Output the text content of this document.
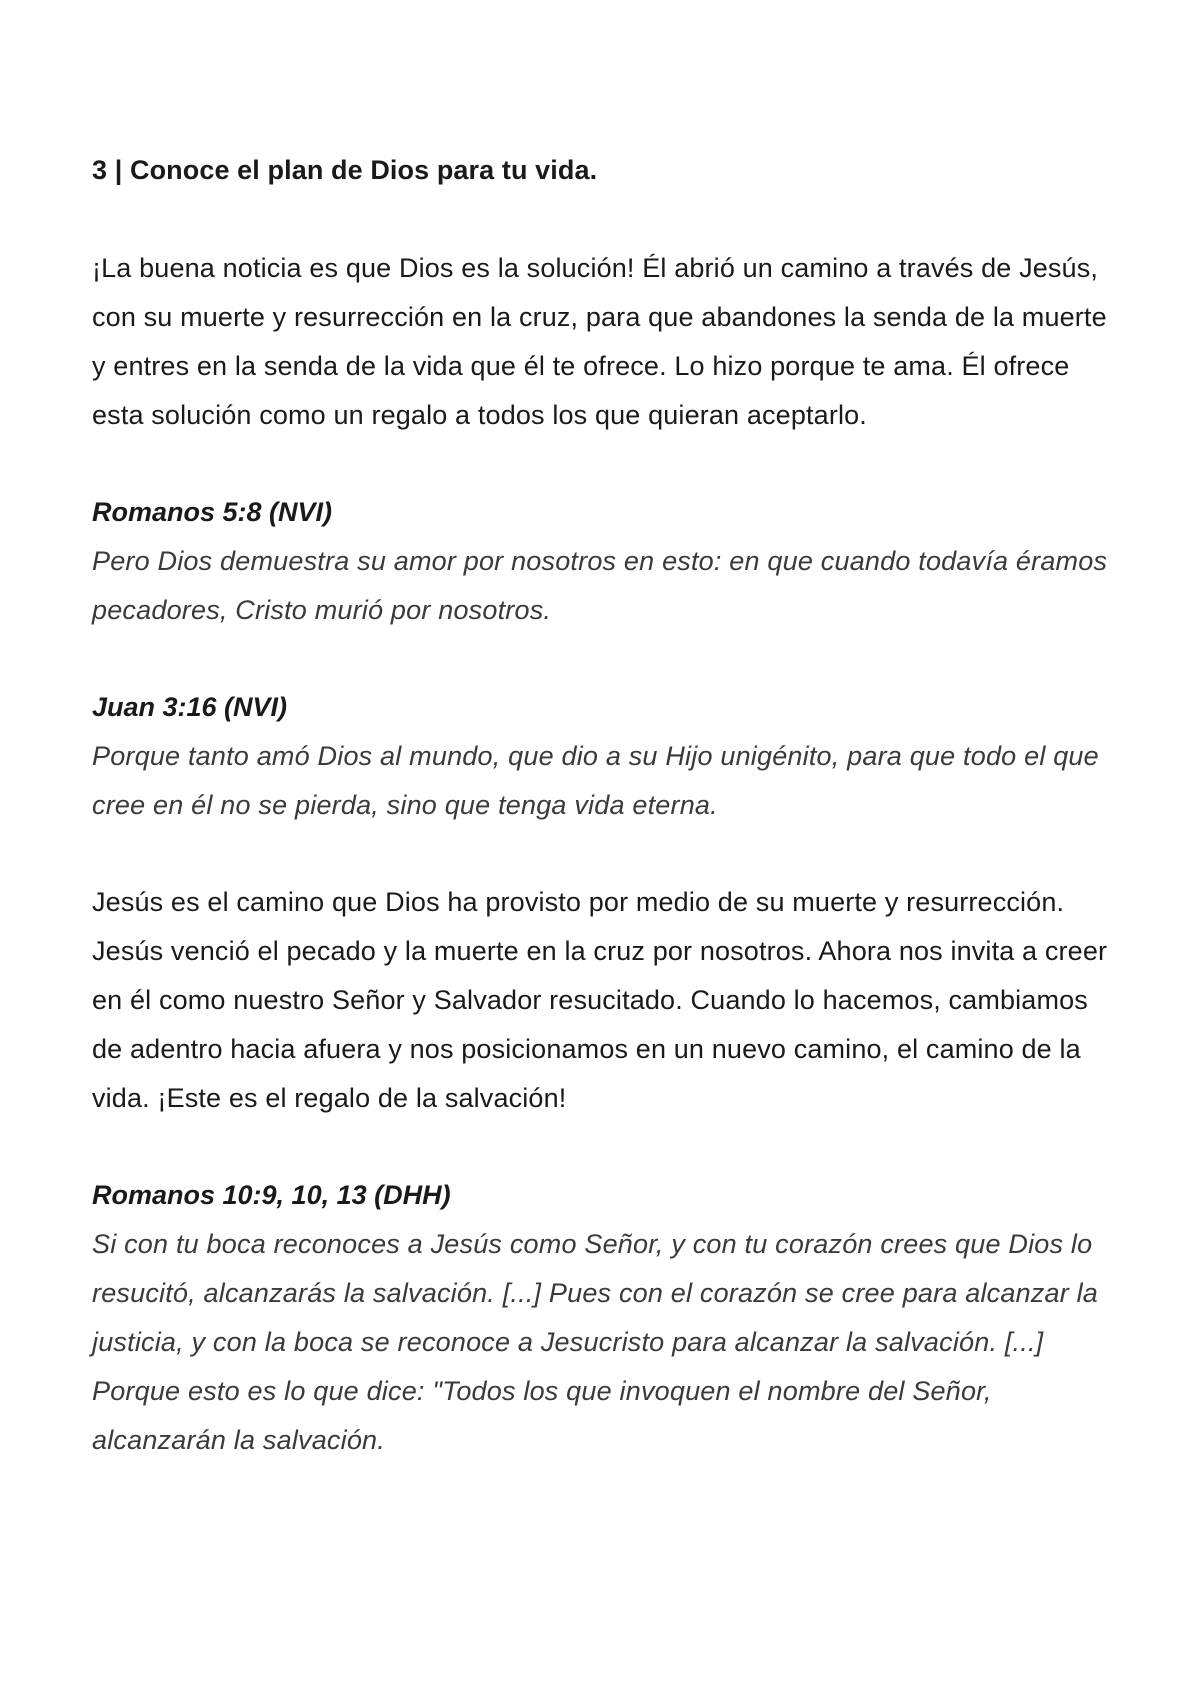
3 | Conoce el plan de Dios para tu vida.

¡La buena noticia es que Dios es la solución! Él abrió un camino a través de Jesús, con su muerte y resurrección en la cruz, para que abandones la senda de la muerte y entres en la senda de la vida que él te ofrece. Lo hizo porque te ama. Él ofrece esta solución como un regalo a todos los que quieran aceptarlo.

Romanos 5:8 (NVI)

Pero Dios demuestra su amor por nosotros en esto: en que cuando todavía éramos pecadores, Cristo murió por nosotros.

Juan 3:16 (NVI)

Porque tanto amó Dios al mundo, que dio a su Hijo unigénito, para que todo el que cree en él no se pierda, sino que tenga vida eterna.

Jesús es el camino que Dios ha provisto por medio de su muerte y resurrección. Jesús venció el pecado y la muerte en la cruz por nosotros. Ahora nos invita a creer en él como nuestro Señor y Salvador resucitado. Cuando lo hacemos, cambiamos de adentro hacia afuera y nos posicionamos en un nuevo camino, el camino de la vida. ¡Este es el regalo de la salvación!

Romanos 10:9, 10, 13 (DHH)

Si con tu boca reconoces a Jesús como Señor, y con tu corazón crees que Dios lo resucitó, alcanzarás la salvación. [...] Pues con el corazón se cree para alcanzar la justicia, y con la boca se reconoce a Jesucristo para alcanzar la salvación. [...] Porque esto es lo que dice: "Todos los que invoquen el nombre del Señor, alcanzarán la salvación.
